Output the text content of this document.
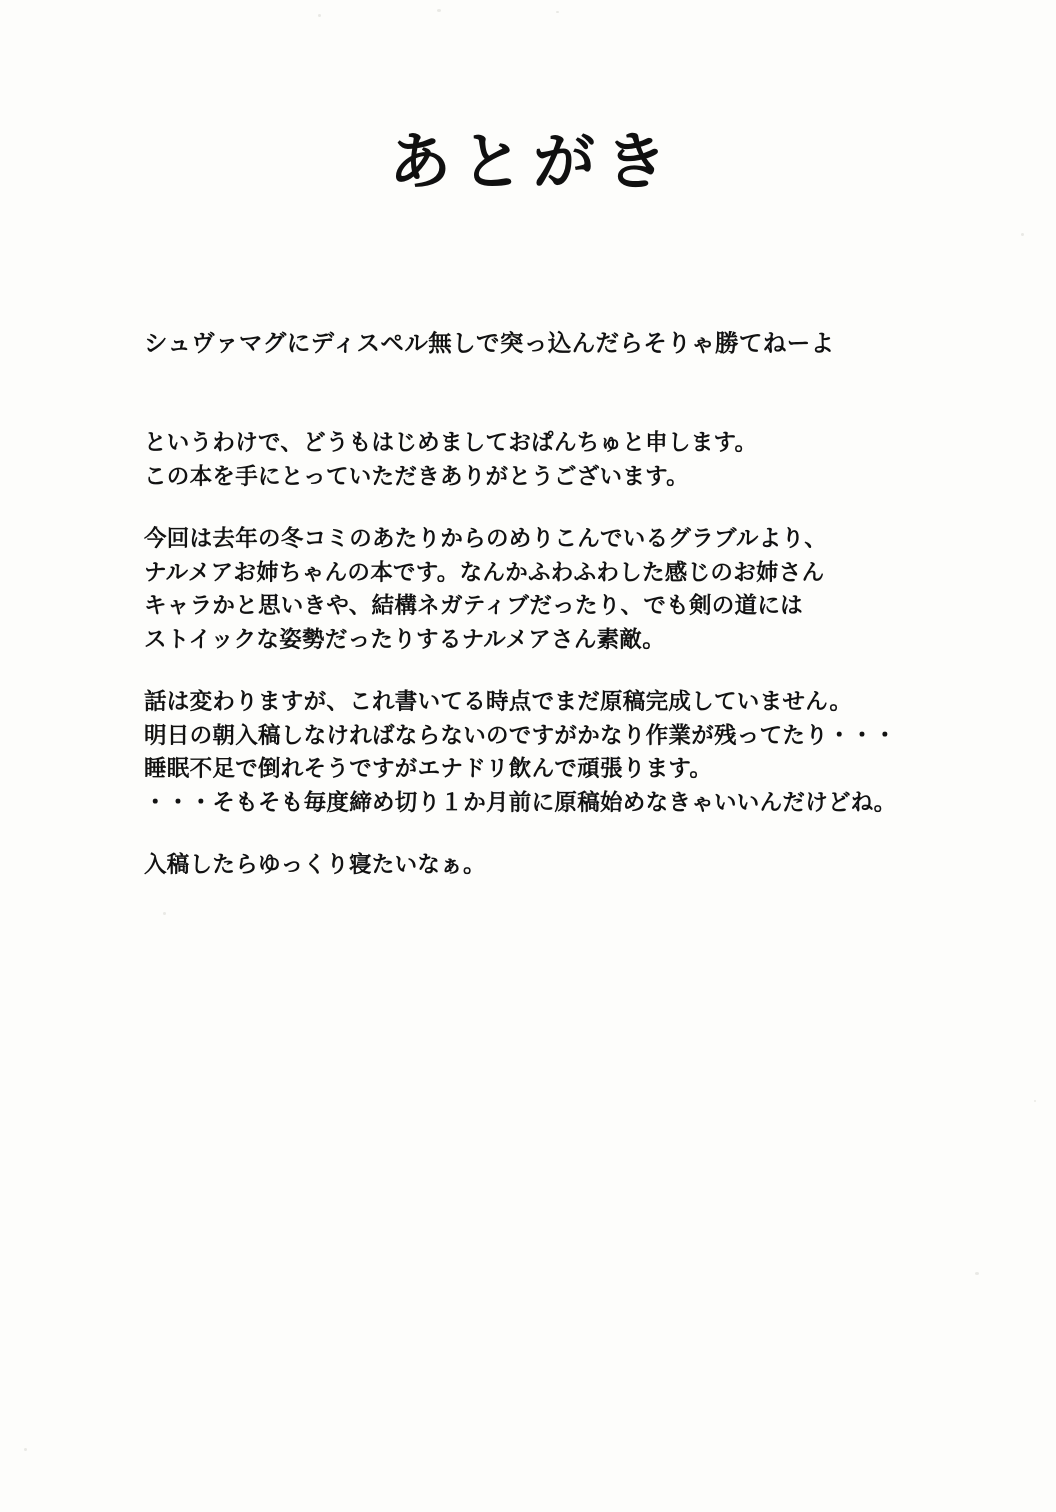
あとがき

シュヴァマグにディスペル無しで突っ込んだらそりゃ勝てねーよ

というわけで、どうもはじめましておぱんちゅと申します。
この本を手にとっていただきありがとうございます。

今回は去年の冬コミのあたりからのめりこんでいるグラブルより、
ナルメアお姉ちゃんの本です。なんかふわふわした感じのお姉さん
キャラかと思いきや、結構ネガティブだったり、でも剣の道には
ストイックな姿勢だったりするナルメアさん素敵。

話は変わりますが、これ書いてる時点でまだ原稿完成していません。
明日の朝入稿しなければならないのですがかなり作業が残ってたり・・・
睡眠不足で倒れそうですがエナドリ飲んで頑張ります。
・・・そもそも毎度締め切り１か月前に原稿始めなきゃいいんだけどね。

入稿したらゆっくり寝たいなぁ。
